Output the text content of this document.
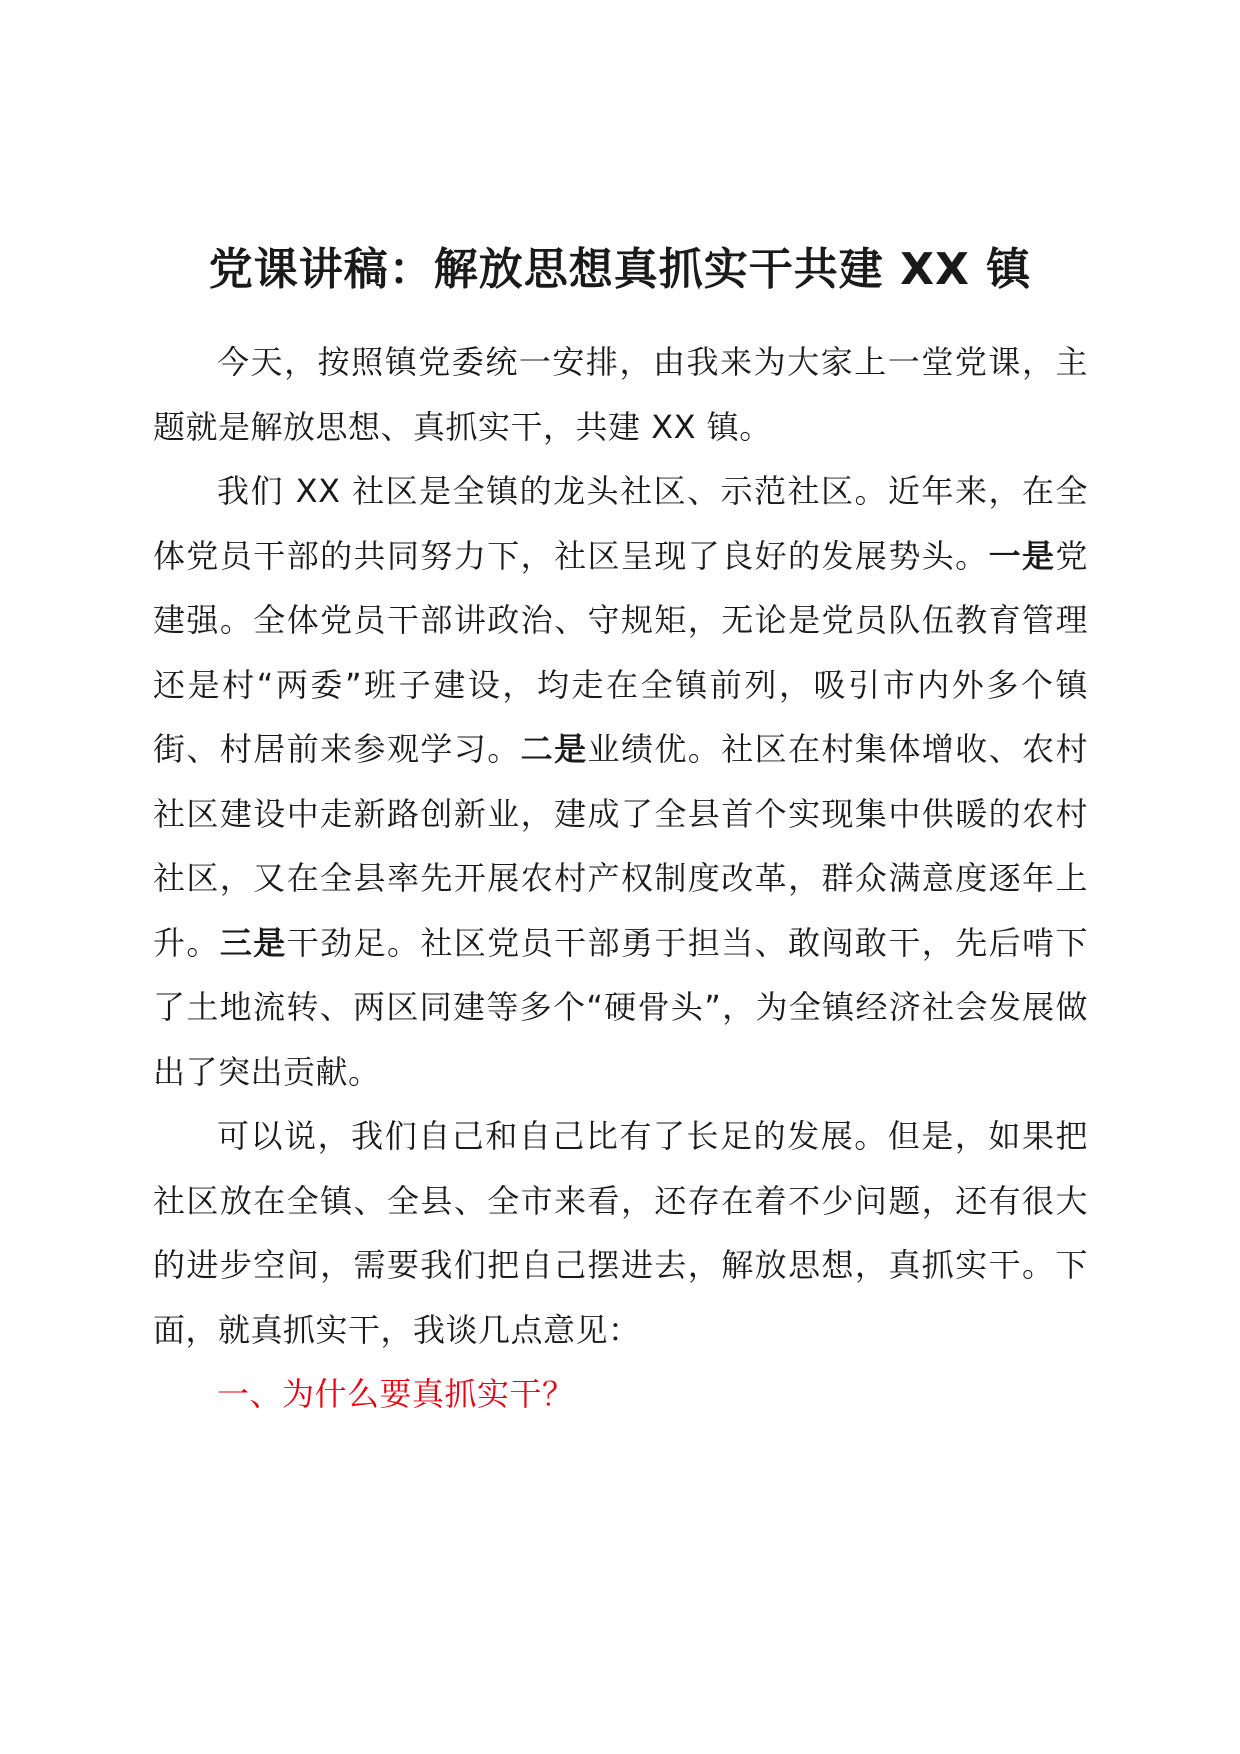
党课讲稿：解放思想真抓实干共建 XX 镇

今天，按照镇党委统一安排，由我来为大家上一堂党课，主题就是解放思想、真抓实干，共建 XX 镇。

我们 XX 社区是全镇的龙头社区、示范社区。近年来，在全体党员干部的共同努力下，社区呈现了良好的发展势头。一是党建强。全体党员干部讲政治、守规矩，无论是党员队伍教育管理还是村“两委”班子建设，均走在全镇前列，吸引市内外多个镇街、村居前来参观学习。二是业绩优。社区在村集体增收、农村社区建设中走新路创新业，建成了全县首个实现集中供暖的农村社区，又在全县率先开展农村产权制度改革，群众满意度逐年上升。三是干劲足。社区党员干部勇于担当、敢闯敢干，先后啃下了土地流转、两区同建等多个“硬骨头”，为全镇经济社会发展做出了突出贡献。

可以说，我们自己和自己比有了长足的发展。但是，如果把社区放在全镇、全县、全市来看，还存在着不少问题，还有很大的进步空间，需要我们把自己摆进去，解放思想，真抓实干。下面，就真抓实干，我谈几点意见：

一、为什么要真抓实干？
